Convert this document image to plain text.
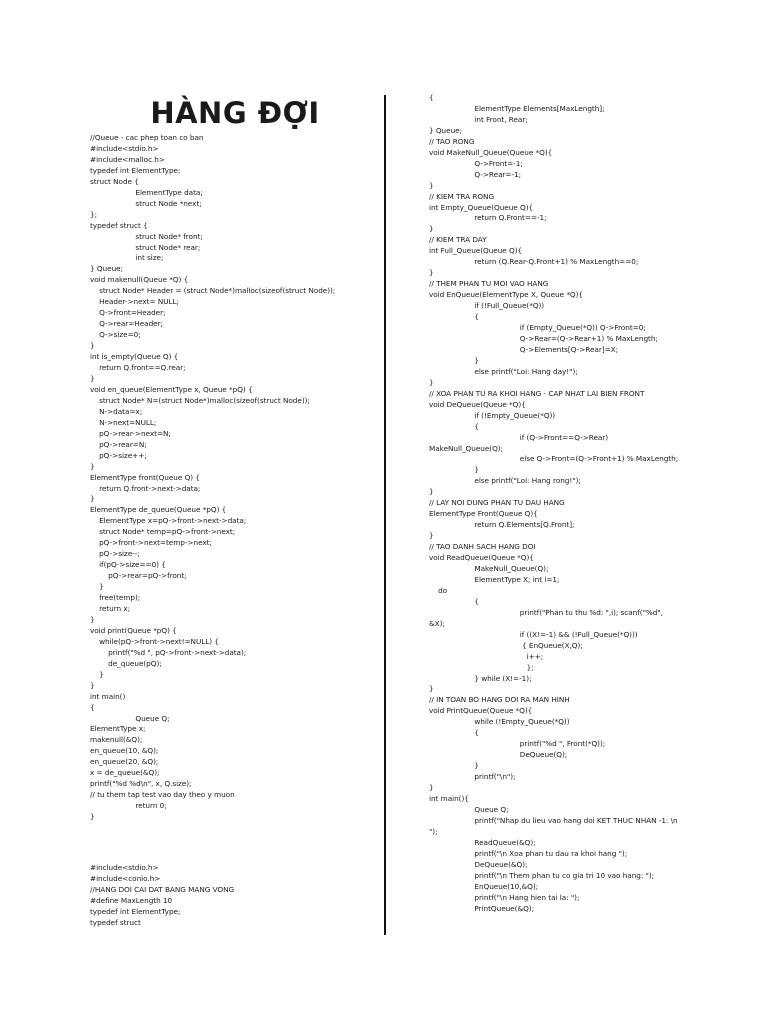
HÀNG ĐỢI
//Queue - cac phep toan co ban
#include<stdio.h>
#include<malloc.h>
typedef int ElementType;
struct Node {
ElementType data;
struct Node *next;
};
typedef struct {
struct Node* front;
struct Node* rear;
int size;
} Queue;
void makenull(Queue *Q) {
struct Node* Header = (struct Node*)malloc(sizeof(struct Node));
Header->next= NULL;
Q->front=Header;
Q->rear=Header;
Q->size=0;
}
int is_empty(Queue Q) {
return Q.front==Q.rear;
}
void en_queue(ElementType x, Queue *pQ) {
struct Node* N=(struct Node*)malloc(sizeof(struct Node));
N->data=x;
N->next=NULL;
pQ->rear->next=N;
pQ->rear=N;
pQ->size++;
}
ElementType front(Queue Q) {
return Q.front->next->data;
}
ElementType de_queue(Queue *pQ) {
ElementType x=pQ->front->next->data;
struct Node* temp=pQ->front->next;
pQ->front->next=temp->next;
pQ->size--;
if(pQ->size==0) {
pQ->rear=pQ->front;
}
free(temp);
return x;
}
void print(Queue *pQ) {
while(pQ->front->next!=NULL) {
printf("%d ", pQ->front->next->data);
de_queue(pQ);
}
}
int main()
{
Queue Q;
ElementType x;
makenull(&Q);
en_queue(10, &Q);
en_queue(20, &Q);
x = de_queue(&Q);
printf("%d %d\n", x, Q.size);
// tu them tap test vao day theo y muon
return 0;
}
#include<stdio.h>
#include<conio.h>
//HANG DOI CAI DAT BANG MANG VONG
#define MaxLength 10
typedef int ElementType;
typedef struct
{
ElementType Elements[MaxLength];
int Front, Rear;
} Queue;
// TAO RONG
void MakeNull_Queue(Queue *Q){
Q->Front=-1;
Q->Rear=-1;
}
// KIEM TRA RONG
int Empty_Queue(Queue Q){
return Q.Front==-1;
}
// KIEM TRA DAY
int Full_Queue(Queue Q){
return (Q.Rear-Q.Front+1) % MaxLength==0;
}
// THEM PHAN TU MOI VAO HANG
void EnQueue(ElementType X, Queue *Q){
if (!Full_Queue(*Q))
{
if (Empty_Queue(*Q)) Q->Front=0;
Q->Rear=(Q->Rear+1) % MaxLength;
Q->Elements[Q->Rear]=X;
}
else printf("Loi: Hang day!");
}
// XOA PHAN TU RA KHOI HANG - CAP NHAT LAI BIEN FRONT
void DeQueue(Queue *Q){
if (!Empty_Queue(*Q))
{
if (Q->Front==Q->Rear)
MakeNull_Queue(Q);
else Q->Front=(Q->Front+1) % MaxLength;
}
else printf("Loi: Hang rong!");
}
// LAY NOI DUNG PHAN TU DAU HANG
ElementType Front(Queue Q){
return Q.Elements[Q.Front];
}
// TAO DANH SACH HANG DOI
void ReadQueue(Queue *Q){
MakeNull_Queue(Q);
ElementType X; int i=1;
do
{
printf("Phan tu thu %d: ",i); scanf("%d",
&X);
if ((X!=-1) && (!Full_Queue(*Q)))
{ EnQueue(X,Q);
i++;
};
} while (X!=-1);
}
// IN TOAN BO HANG DOI RA MAN HINH
void PrintQueue(Queue *Q){
while (!Empty_Queue(*Q))
{
printf("%d ", Front(*Q));
DeQueue(Q);
}
printf("\n");
}
int main(){
Queue Q;
printf("Nhap du lieu vao hang doi KET THUC NHAN -1: \n
");
ReadQueue(&Q);
printf("\n Xoa phan tu dau ra khoi hang ");
DeQueue(&Q);
printf("\n Them phan tu co gia tri 10 vao hang: ");
EnQueue(10,&Q);
printf("\n Hang hien tai la: ");
PrintQueue(&Q);
